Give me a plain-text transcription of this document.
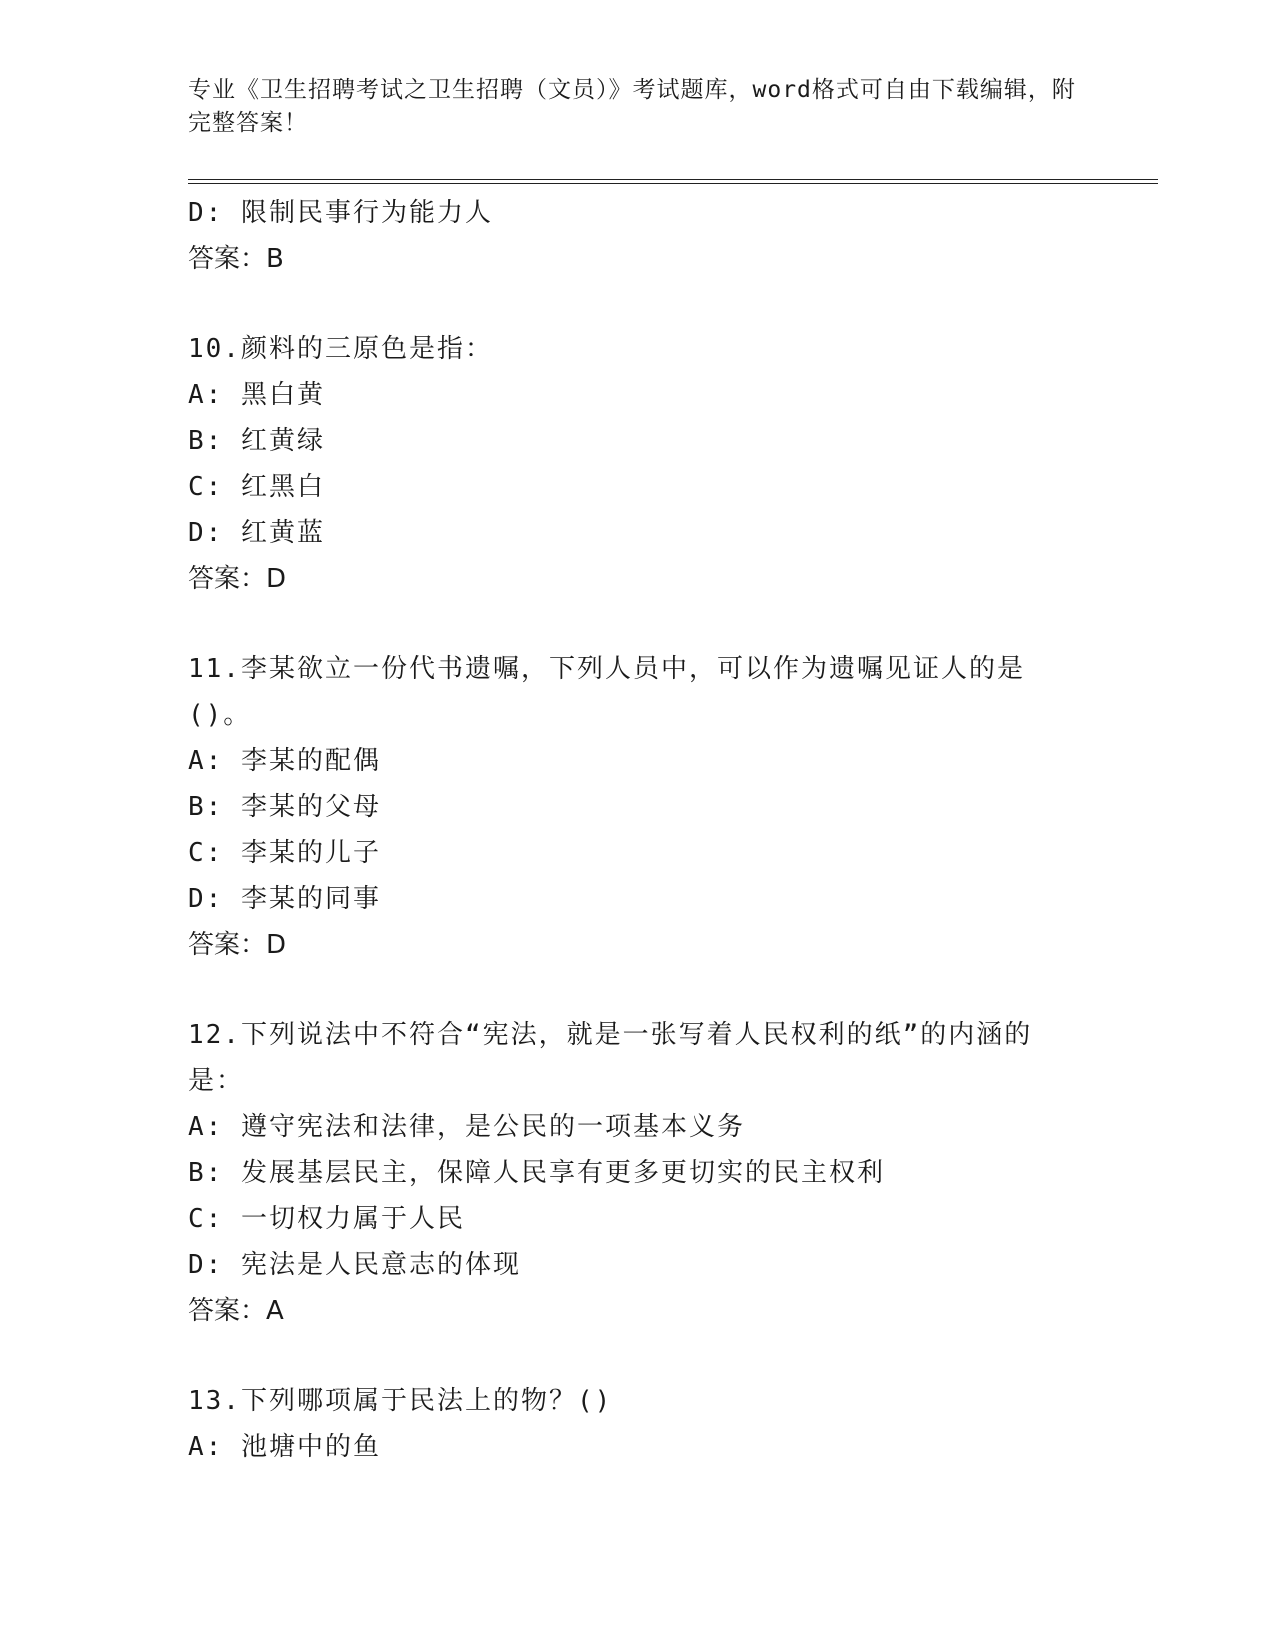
专业《卫生招聘考试之卫生招聘（文员）》考试题库，word格式可自由下载编辑，附完整答案！
D: 限制民事行为能力人
答案：B
10.颜料的三原色是指：
A: 黑白黄
B: 红黄绿
C: 红黑白
D: 红黄蓝
答案：D
11.李某欲立一份代书遗嘱，下列人员中，可以作为遗嘱见证人的是()。
A: 李某的配偶
B: 李某的父母
C: 李某的儿子
D: 李某的同事
答案：D
12.下列说法中不符合“宪法，就是一张写着人民权利的纸”的内涵的是：
A: 遵守宪法和法律，是公民的一项基本义务
B: 发展基层民主，保障人民享有更多更切实的民主权利
C: 一切权力属于人民
D: 宪法是人民意志的体现
答案：A
13.下列哪项属于民法上的物？()
A: 池塘中的鱼
